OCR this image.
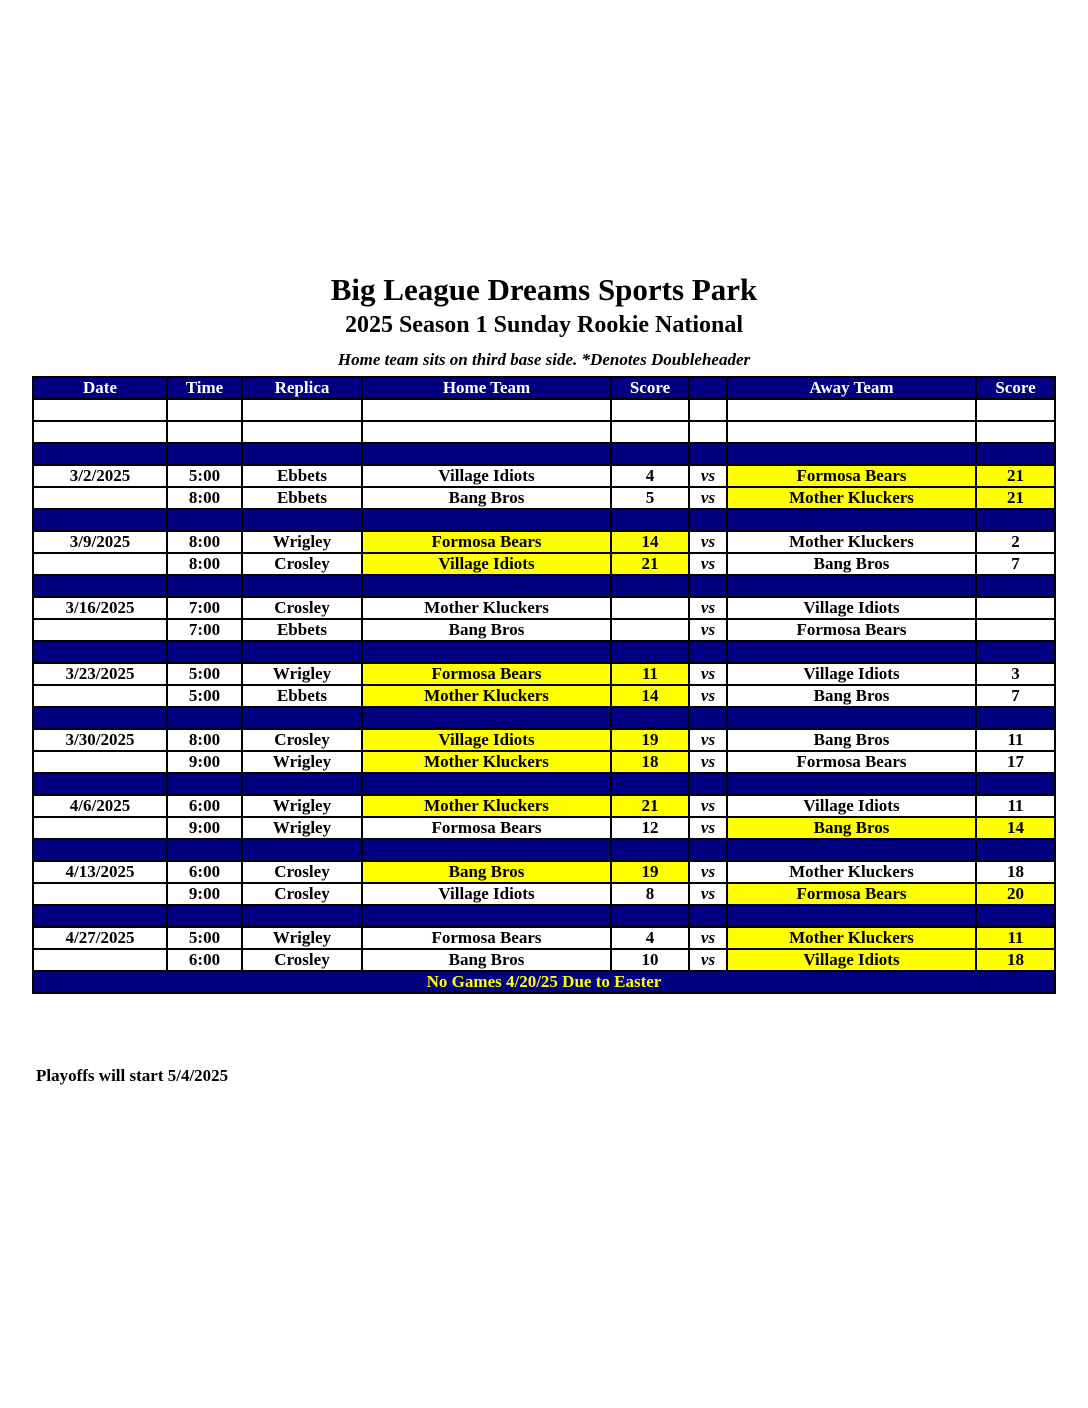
Big League Dreams Sports Park
2025 Season 1 Sunday Rookie National
Home team sits on third base side. *Denotes Doubleheader
Date	Time	Replica	Home Team	Score		Away Team	Score

3/2/2025	5:00	Ebbets	Village Idiots	4	vs	Formosa Bears	21
	8:00	Ebbets	Bang Bros	5	vs	Mother Kluckers	21

3/9/2025	8:00	Wrigley	Formosa Bears	14	vs	Mother Kluckers	2
	8:00	Crosley	Village Idiots	21	vs	Bang Bros	7

3/16/2025	7:00	Crosley	Mother Kluckers		vs	Village Idiots	
	7:00	Ebbets	Bang Bros		vs	Formosa Bears	

3/23/2025	5:00	Wrigley	Formosa Bears	11	vs	Village Idiots	3
	5:00	Ebbets	Mother Kluckers	14	vs	Bang Bros	7

3/30/2025	8:00	Crosley	Village Idiots	19	vs	Bang Bros	11
	9:00	Wrigley	Mother Kluckers	18	vs	Formosa Bears	17

4/6/2025	6:00	Wrigley	Mother Kluckers	21	vs	Village Idiots	11
	9:00	Wrigley	Formosa Bears	12	vs	Bang Bros	14

4/13/2025	6:00	Crosley	Bang Bros	19	vs	Mother Kluckers	18
	9:00	Crosley	Village Idiots	8	vs	Formosa Bears	20

4/27/2025	5:00	Wrigley	Formosa Bears	4	vs	Mother Kluckers	11
	6:00	Crosley	Bang Bros	10	vs	Village Idiots	18
No Games 4/20/25 Due to Easter							
Playoffs will start 5/4/2025
